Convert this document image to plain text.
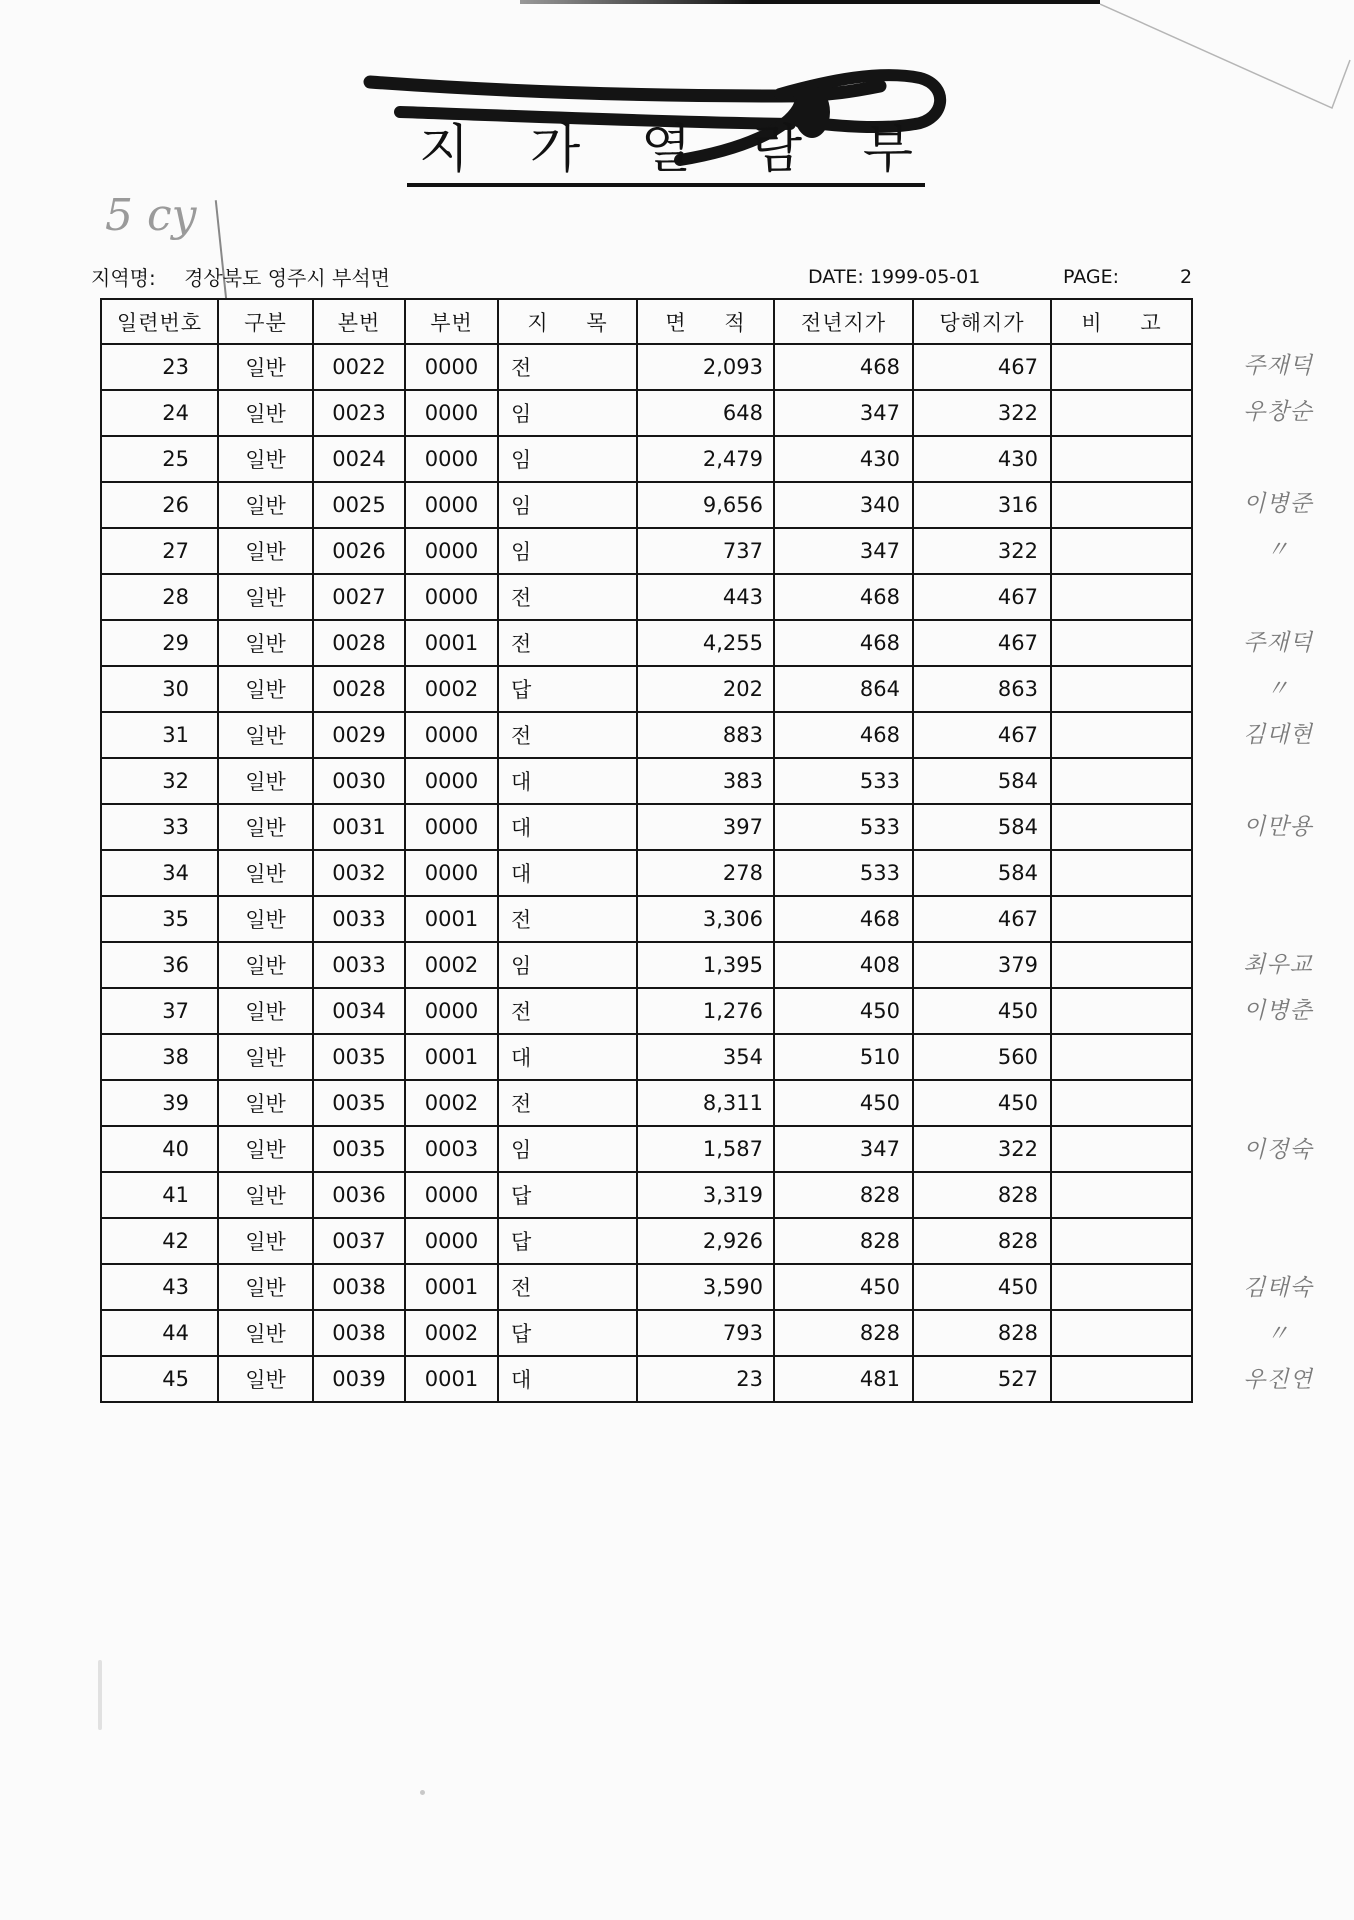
지 가 열 람 부
5 cy
지역명: 경상북도 영주시 부석면	DATE: 1999-05-01	PAGE:	2
일련번호	구분	본번	부번	지 목	면 적	전년지가	당해지가	비 고
23	일반	0022	0000	전	2,093	468	467	
24	일반	0023	0000	임	648	347	322	
25	일반	0024	0000	임	2,479	430	430	
26	일반	0025	0000	임	9,656	340	316	
27	일반	0026	0000	임	737	347	322	
28	일반	0027	0000	전	443	468	467	
29	일반	0028	0001	전	4,255	468	467	
30	일반	0028	0002	답	202	864	863	
31	일반	0029	0000	전	883	468	467	
32	일반	0030	0000	대	383	533	584	
33	일반	0031	0000	대	397	533	584	
34	일반	0032	0000	대	278	533	584	
35	일반	0033	0001	전	3,306	468	467	
36	일반	0033	0002	임	1,395	408	379	
37	일반	0034	0000	전	1,276	450	450	
38	일반	0035	0001	대	354	510	560	
39	일반	0035	0002	전	8,311	450	450	
40	일반	0035	0003	임	1,587	347	322	
41	일반	0036	0000	답	3,319	828	828	
42	일반	0037	0000	답	2,926	828	828	
43	일반	0038	0001	전	3,590	450	450	
44	일반	0038	0002	답	793	828	828	
45	일반	0039	0001	대	23	481	527	
주재덕
우창순
이병준
〃
주재덕
〃
김대현
이만용
최우교
이병춘
이정숙
김태숙
〃
우진연
